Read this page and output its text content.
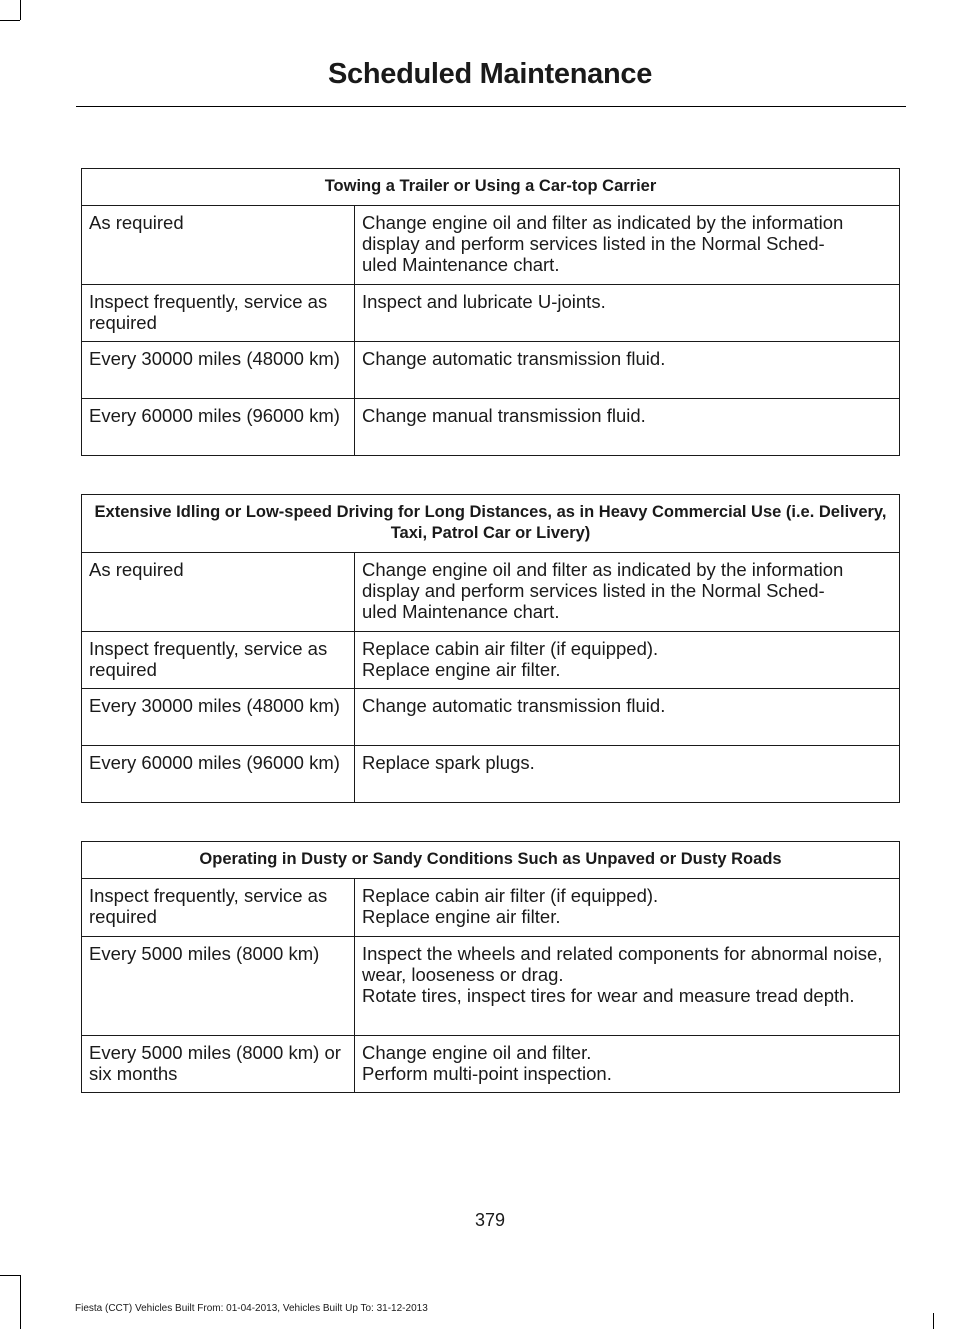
Scheduled Maintenance
Towing a Trailer or Using a Car-top Carrier	
As required	Change engine oil and filter as indicated by the information display and perform services listed in the Normal Sched-
uled Maintenance chart.
Inspect frequently, service as required	Inspect and lubricate U-joints.
Every 30000 miles (48000 km)	Change automatic transmission fluid.
Every 60000 miles (96000 km)	Change manual transmission fluid.
Extensive Idling or Low-speed Driving for Long Distances, as in Heavy Commercial Use (i.e. Delivery, Taxi, Patrol Car or Livery)	
As required	Change engine oil and filter as indicated by the information display and perform services listed in the Normal Sched-
uled Maintenance chart.
Inspect frequently, service as required	Replace cabin air filter (if equipped).
Replace engine air filter.
Every 30000 miles (48000 km)	Change automatic transmission fluid.
Every 60000 miles (96000 km)	Replace spark plugs.
Operating in Dusty or Sandy Conditions Such as Unpaved or Dusty Roads	
Inspect frequently, service as required	Replace cabin air filter (if equipped).
Replace engine air filter.
Every 5000 miles (8000 km)	Inspect the wheels and related components for abnormal noise, wear, looseness or drag.
Rotate tires, inspect tires for wear and measure tread depth.
Every 5000 miles (8000 km) or six months	Change engine oil and filter.
Perform multi-point inspection.
379
Fiesta (CCT) Vehicles Built From: 01-04-2013, Vehicles Built Up To: 31-12-2013
